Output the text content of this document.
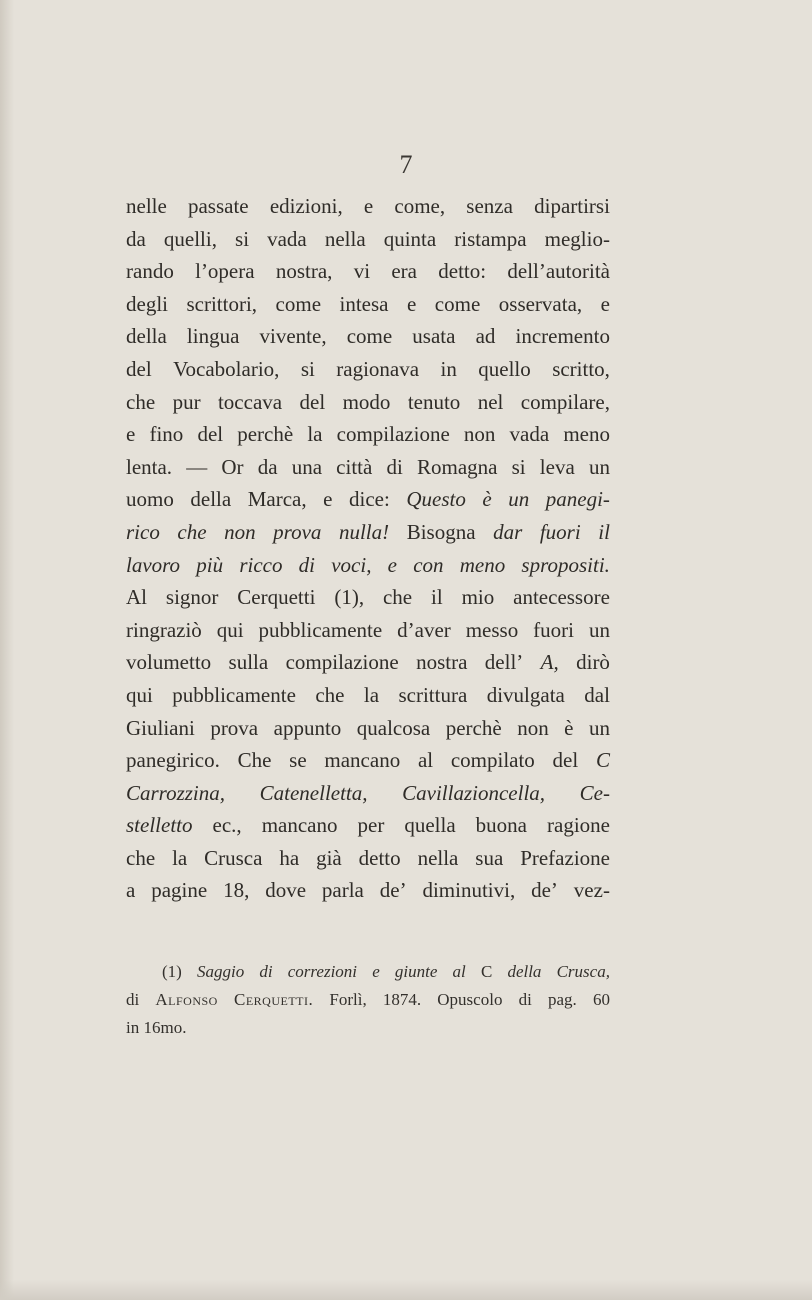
7
nelle passate edizioni, e come, senza dipartirsi
da quelli, si vada nella quinta ristampa meglio-
rando l’opera nostra, vi era detto: dell’autorità
degli scrittori, come intesa e come osservata, e
della lingua vivente, come usata ad incremento
del Vocabolario, si ragionava in quello scritto,
che pur toccava del modo tenuto nel compilare,
e fino del perchè la compilazione non vada meno
lenta. — Or da una città di Romagna si leva un
uomo della Marca, e dice: Questo è un panegi-
rico che non prova nulla! Bisogna dar fuori il
lavoro più ricco di voci, e con meno spropositi.
Al signor Cerquetti (1), che il mio antecessore
ringraziò qui pubblicamente d’aver messo fuori un
volumetto sulla compilazione nostra dell’ A, dirò
qui pubblicamente che la scrittura divulgata dal
Giuliani prova appunto qualcosa perchè non è un
panegirico. Che se mancano al compilato del C
Carrozzina, Catenelletta, Cavillazioncella, Ce-
stelletto ec., mancano per quella buona ragione
che la Crusca ha già detto nella sua Prefazione
a pagine 18, dove parla de’ diminutivi, de’ vez-
(1) Saggio di correzioni e giunte al C della Crusca,
di Alfonso Cerquetti. Forlì, 1874. Opuscolo di pag. 60
in 16mo.
